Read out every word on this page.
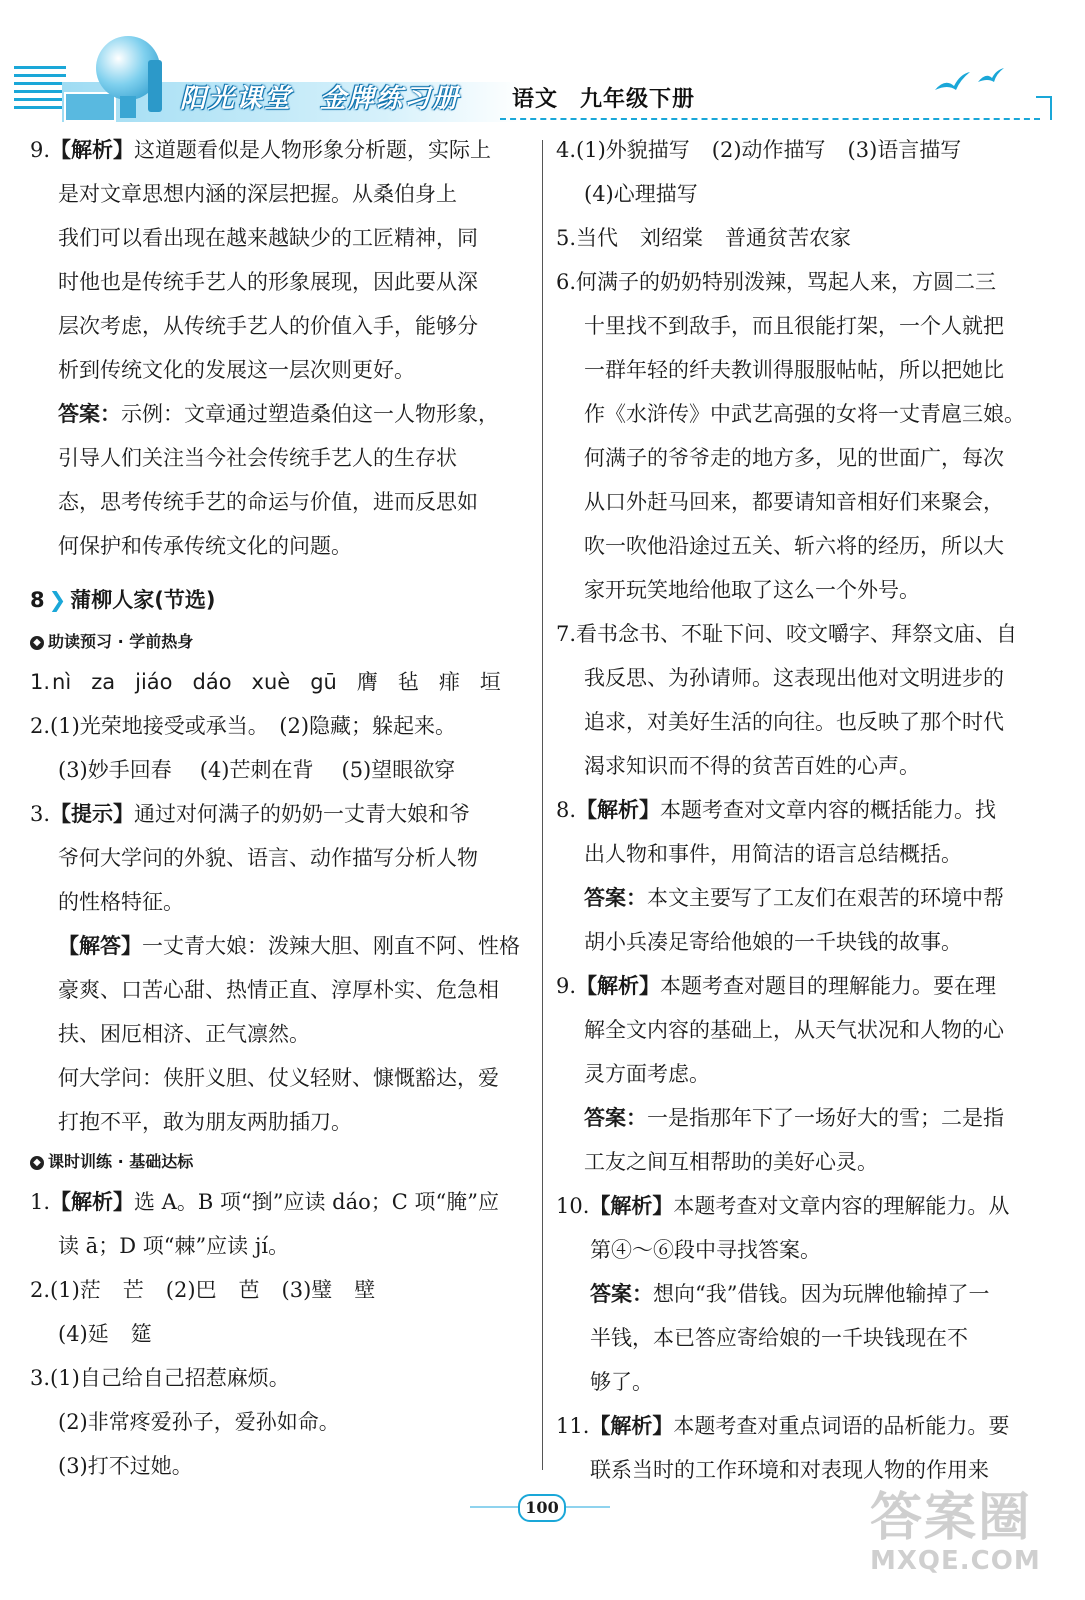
阳光课堂 金牌练习册	语文 九年级下册
9.【解析】这道题看似是人物形象分析题，实际上
是对文章思想内涵的深层把握。从桑伯身上
我们可以看出现在越来越缺少的工匠精神，同
时他也是传统手艺人的形象展现，因此要从深
层次考虑，从传统手艺人的价值入手，能够分
析到传统文化的发展这一层次则更好。
答案：示例：文章通过塑造桑伯这一人物形象，
引导人们关注当今社会传统手艺人的生存状
态，思考传统手艺的命运与价值，进而反思如
何保护和传承传统文化的问题。
8 ❯ 蒲柳人家(节选)
◆ 助读预习 · 学前热身
1.nì za jiáo dáo xuè gū 膺 毡 痱 垣
2.(1)光荣地接受或承当。　(2)隐藏；躲起来。
(3)妙手回春 (4)芒刺在背 (5)望眼欲穿
3.【提示】通过对何满子的奶奶一丈青大娘和爷
爷何大学问的外貌、语言、动作描写分析人物
的性格特征。
【解答】一丈青大娘：泼辣大胆、刚直不阿、性格
豪爽、口苦心甜、热情正直、淳厚朴实、危急相
扶、困厄相济、正气凛然。
何大学问：侠肝义胆、仗义轻财、慷慨豁达，爱
打抱不平，敢为朋友两肋插刀。
◆ 课时训练 · 基础达标
1.【解析】选 A。B 项“捯”应读 dáo；C 项“腌”应
读 ā；D 项“棘”应读 jí。
2.(1)茫 芒 (2)巴 芭 (3)璧 壁
(4)延 筵
3.(1)自己给自己招惹麻烦。
(2)非常疼爱孙子，爱孙如命。
(3)打不过她。
4.(1)外貌描写 (2)动作描写 (3)语言描写
(4)心理描写
5.当代 刘绍棠 普通贫苦农家
6.何满子的奶奶特别泼辣，骂起人来，方圆二三
十里找不到敌手，而且很能打架，一个人就把
一群年轻的纤夫教训得服服帖帖，所以把她比
作《水浒传》中武艺高强的女将一丈青扈三娘。
何满子的爷爷走的地方多，见的世面广，每次
从口外赶马回来，都要请知音相好们来聚会，
吹一吹他沿途过五关、斩六将的经历，所以大
家开玩笑地给他取了这么一个外号。
7.看书念书、不耻下问、咬文嚼字、拜祭文庙、自
我反思、为孙请师。这表现出他对文明进步的
追求，对美好生活的向往。也反映了那个时代
渴求知识而不得的贫苦百姓的心声。
8.【解析】本题考查对文章内容的概括能力。找
出人物和事件，用简洁的语言总结概括。
答案：本文主要写了工友们在艰苦的环境中帮
胡小兵凑足寄给他娘的一千块钱的故事。
9.【解析】本题考查对题目的理解能力。要在理
解全文内容的基础上，从天气状况和人物的心
灵方面考虑。
答案：一是指那年下了一场好大的雪；二是指
工友之间互相帮助的美好心灵。
10.【解析】本题考查对文章内容的理解能力。从
第④～⑥段中寻找答案。
答案：想向“我”借钱。因为玩牌他输掉了一
半钱，本已答应寄给娘的一千块钱现在不
够了。
11.【解析】本题考查对重点词语的品析能力。要
联系当时的工作环境和对表现人物的作用来
100	答案圈
MXQE.COM
